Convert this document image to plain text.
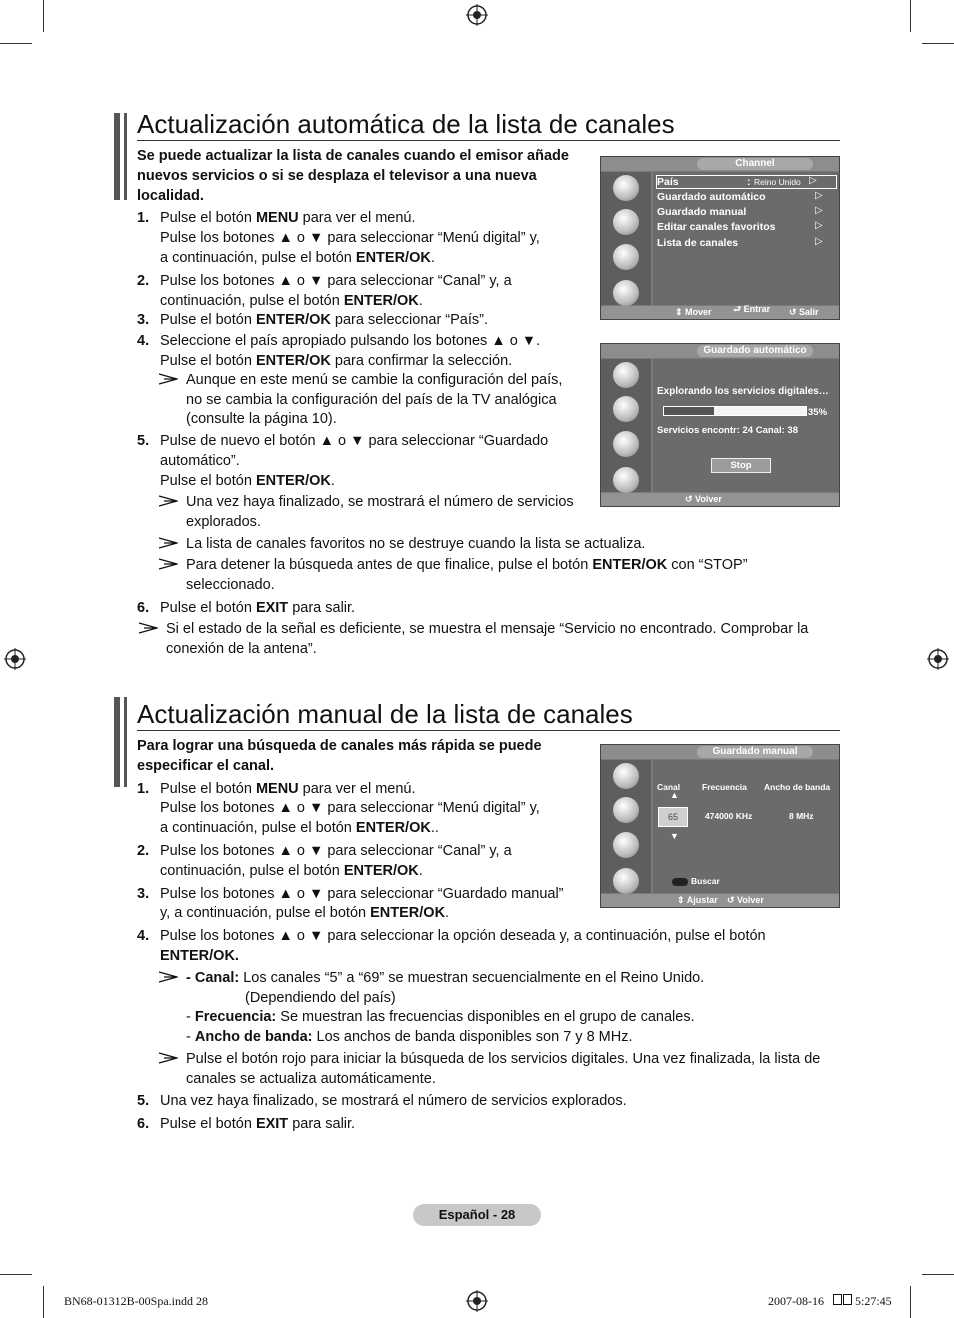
Actualización automática de la lista de canales
Se puede actualizar la lista de canales cuando el emisor añade
nuevos servicios o si se desplaza el televisor a una nueva
localidad.
1. Pulse el botón MENU para ver el menú.
Pulse los botones ▲ o ▼ para seleccionar “Menú digital” y,
a continuación, pulse el botón ENTER/OK.
2. Pulse los botones ▲ o ▼ para seleccionar “Canal” y, a
continuación, pulse el botón ENTER/OK.
3. Pulse el botón ENTER/OK para seleccionar “País”.
4. Seleccione el país apropiado pulsando los botones ▲ o ▼.
Pulse el botón ENTER/OK para confirmar la selección.
Aunque en este menú se cambie la configuración del país,
no se cambia la configuración del país de la TV analógica
(consulte la página 10).
5. Pulse de nuevo el botón ▲ o ▼ para seleccionar “Guardado
automático”.
Pulse el botón ENTER/OK.
Una vez haya finalizado, se mostrará el número de servicios
explorados.
La lista de canales favoritos no se destruye cuando la lista se actualiza.
Para detener la búsqueda antes de que finalice, pulse el botón ENTER/OK con “STOP”
seleccionado.
6. Pulse el botón EXIT para salir.
Si el estado de la señal es deficiente, se muestra el mensaje “Servicio no encontrado. Comprobar la
conexión de la antena”.
Channel
País	: Reino Unido ▷
Guardado automático	▷
Guardado manual	▷
Editar canales favoritos	▷
Lista de canales	▷
⇕ Mover ⮐ Entrar ↺ Salir
Guardado automático
Explorando los servicios digitales…
35%
Servicios encontr: 24 Canal: 38
Stop
↺ Volver
Actualización manual de la lista de canales
Para lograr una búsqueda de canales más rápida se puede
especificar el canal.
1. Pulse el botón MENU para ver el menú.
Pulse los botones ▲ o ▼ para seleccionar “Menú digital” y,
a continuación, pulse el botón ENTER/OK..
2. Pulse los botones ▲ o ▼ para seleccionar “Canal” y, a
continuación, pulse el botón ENTER/OK.
3. Pulse los botones ▲ o ▼ para seleccionar “Guardado manual”
y, a continuación, pulse el botón ENTER/OK.
4. Pulse los botones ▲ o ▼ para seleccionar la opción deseada y, a continuación, pulse el botón
ENTER/OK.
- Canal: Los canales “5” a “69” se muestran secuencialmente en el Reino Unido.
(Dependiendo del país)
- Frecuencia: Se muestran las frecuencias disponibles en el grupo de canales.
- Ancho de banda: Los anchos de banda disponibles son 7 y 8 MHz.
Pulse el botón rojo para iniciar la búsqueda de los servicios digitales. Una vez finalizada, la lista de
canales se actualiza automáticamente.
5. Una vez haya finalizado, se mostrará el número de servicios explorados.
6. Pulse el botón EXIT para salir.
Guardado manual
Canal	Frecuencia Ancho de banda
▲
65
▼
474000 KHz	8 MHz
Buscar
⇕ Ajustar ↺ Volver
Español - 28
BN68-01312B-00Spa.indd 28	2007-08-16    5:27:45
